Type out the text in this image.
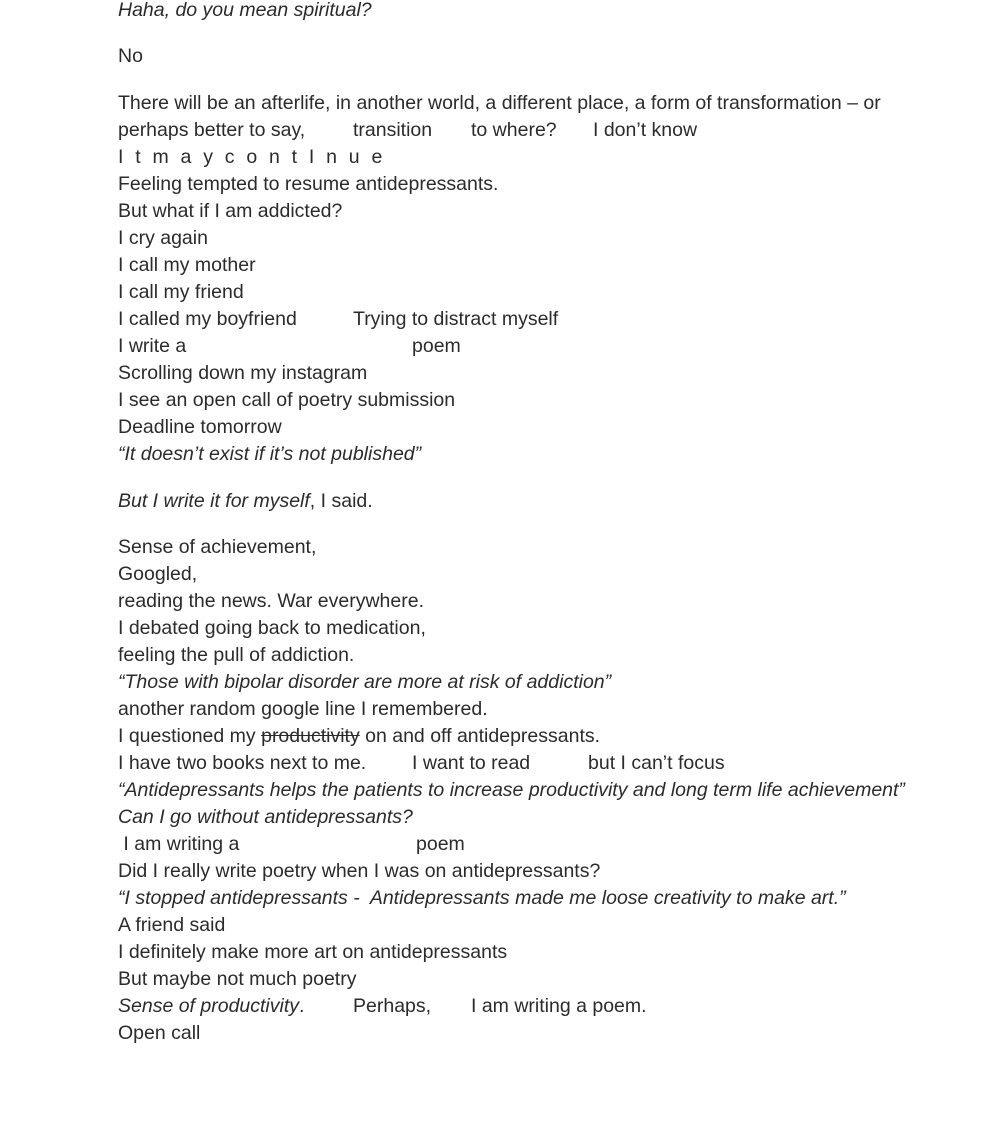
Haha, do you mean spiritual?
No
There will be an afterlife, in another world, a different place, a form of transformation – or

perhaps better to say,

transition

to where?

I don’t know

I t m a y c o n t I n u e
Feeling tempted to resume antidepressants.
But what if I am addicted?
I cry again
I call my mother
I call my friend

I called my boyfriend

	Trying to distract myself

I write a

	poem

Scrolling down my instagram
I see an open call of poetry submission
Deadline tomorrow
“It doesn’t exist if it’s not published”
But I write it for myself, I said.
Sense of achievement,
Googled,
reading the news. War everywhere.
I debated going back to medication,
feeling the pull of addiction.
“Those with bipolar disorder are more at risk of addiction”
another random google line I remembered.
I questioned my productivity on and off antidepressants.

I have two books next to me.

I want to read

	but I can’t focus

“Antidepressants helps the patients to increase productivity and long term life achievement”
Can I go without antidepressants?

I am writing a

	poem

Did I really write poetry when I was on antidepressants?
“I stopped antidepressants -  Antidepressants made me loose creativity to make art.”
A friend said
I definitely make more art on antidepressants
But maybe not much poetry

Sense of productivity.

Perhaps,

I am writing a poem.

Open call
